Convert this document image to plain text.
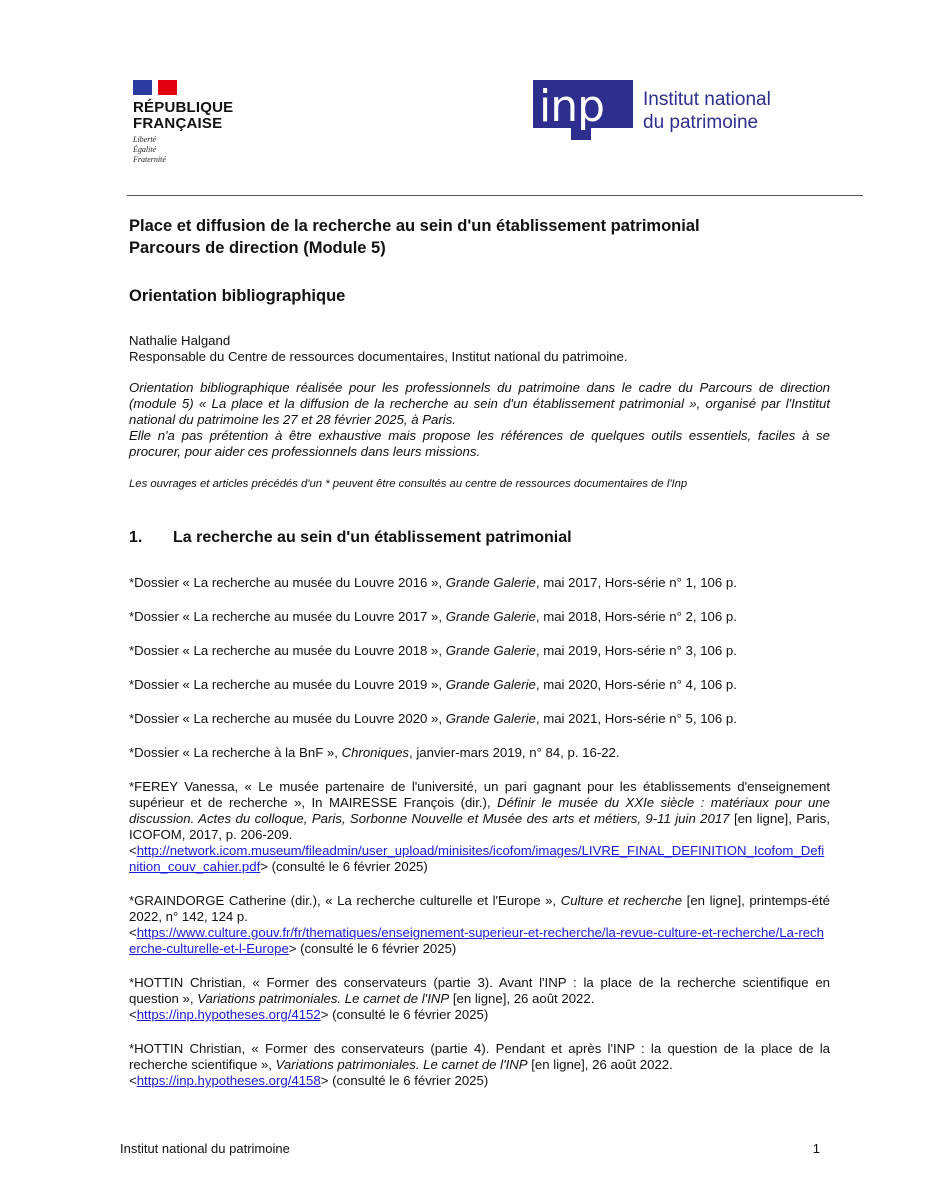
RÉPUBLIQUE
FRANÇAISE
Liberté
Égalité
Fraternité
inp Institut national
du patrimoine
Place et diffusion de la recherche au sein d'un établissement patrimonial
Parcours de direction (Module 5)
Orientation bibliographique
Nathalie Halgand
Responsable du Centre de ressources documentaires, Institut national du patrimoine.
Orientation bibliographique réalisée pour les professionnels du patrimoine dans le cadre du Parcours de direction (module 5) « La place et la diffusion de la recherche au sein d'un établissement patrimonial », organisé par l'Institut national du patrimoine les 27 et 28 février 2025, à Paris.
Elle n'a pas prétention à être exhaustive mais propose les références de quelques outils essentiels, faciles à se procurer, pour aider ces professionnels dans leurs missions.
Les ouvrages et articles précédés d'un * peuvent être consultés au centre de ressources documentaires de l'Inp
1.	La recherche au sein d'un établissement patrimonial
*Dossier « La recherche au musée du Louvre 2016 », Grande Galerie, mai 2017, Hors-série n° 1, 106 p.
*Dossier « La recherche au musée du Louvre 2017 », Grande Galerie, mai 2018, Hors-série n° 2, 106 p.
*Dossier « La recherche au musée du Louvre 2018 », Grande Galerie, mai 2019, Hors-série n° 3, 106 p.
*Dossier « La recherche au musée du Louvre 2019 », Grande Galerie, mai 2020, Hors-série n° 4, 106 p.
*Dossier « La recherche au musée du Louvre 2020 », Grande Galerie, mai 2021, Hors-série n° 5, 106 p.
*Dossier « La recherche à la BnF », Chroniques, janvier-mars 2019, n° 84, p. 16-22.
*FEREY Vanessa, « Le musée partenaire de l'université, un pari gagnant pour les établissements d'enseignement supérieur et de recherche », In MAIRESSE François (dir.), Définir le musée du XXIe siècle : matériaux pour une discussion. Actes du colloque, Paris, Sorbonne Nouvelle et Musée des arts et métiers, 9-11 juin 2017 [en ligne], Paris, ICOFOM, 2017, p. 206-209.
<http://network.icom.museum/fileadmin/user_upload/minisites/icofom/images/LIVRE_FINAL_DEFINITION_Icofom_Definition_couv_cahier.pdf> (consulté le 6 février 2025)
*GRAINDORGE Catherine (dir.), « La recherche culturelle et l'Europe », Culture et recherche [en ligne], printemps-été 2022, n° 142, 124 p.
<https://www.culture.gouv.fr/fr/thematiques/enseignement-superieur-et-recherche/la-revue-culture-et-recherche/La-recherche-culturelle-et-l-Europe> (consulté le 6 février 2025)
*HOTTIN Christian, « Former des conservateurs (partie 3). Avant l'INP : la place de la recherche scientifique en question », Variations patrimoniales. Le carnet de l'INP [en ligne], 26 août 2022.
<https://inp.hypotheses.org/4152> (consulté le 6 février 2025)
*HOTTIN Christian, « Former des conservateurs (partie 4). Pendant et après l'INP : la question de la place de la recherche scientifique », Variations patrimoniales. Le carnet de l'INP [en ligne], 26 août 2022.
<https://inp.hypotheses.org/4158> (consulté le 6 février 2025)
Institut national du patrimoine	1
